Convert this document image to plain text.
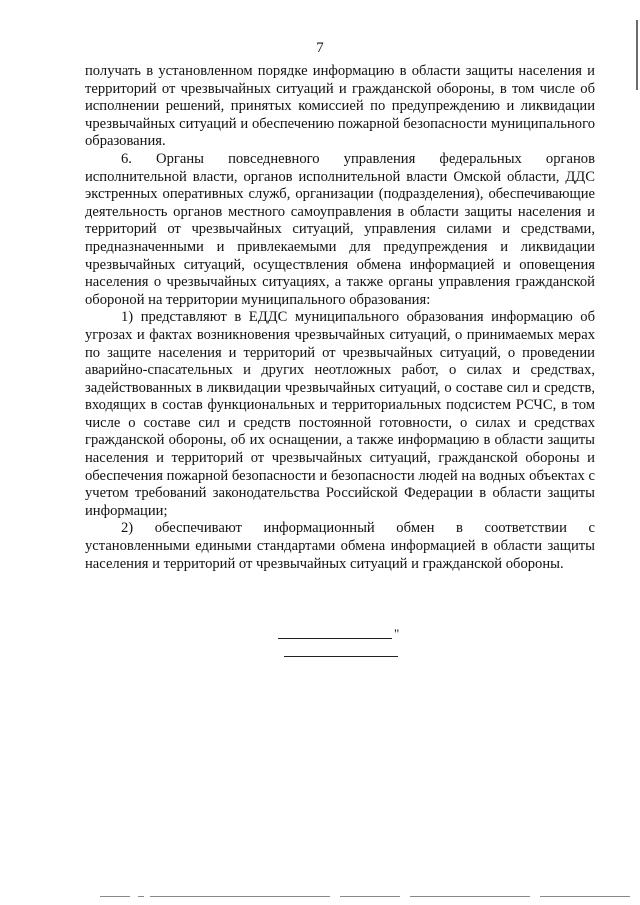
7

получать в установленном порядке информацию в области защиты населения и территорий от чрезвычайных ситуаций и гражданской обороны, в том числе об исполнении решений, принятых комиссией по предупреждению и ликвидации чрезвычайных ситуаций и обеспечению пожарной безопасности муниципального образования.

6. Органы повседневного управления федеральных органов исполнительной власти, органов исполнительной власти Омской области, ДДС экстренных оперативных служб, организации (подразделения), обеспечивающие деятельность органов местного самоуправления в области защиты населения и территорий от чрезвычайных ситуаций, управления силами и средствами, предназначенными и привлекаемыми для предупреждения и ликвидации чрезвычайных ситуаций, осуществления обмена информацией и оповещения населения о чрезвычайных ситуациях, а также органы управления гражданской обороной на территории муниципального образования:

1) представляют в ЕДДС муниципального образования информацию об угрозах и фактах возникновения чрезвычайных ситуаций, о принимаемых мерах по защите населения и территорий от чрезвычайных ситуаций, о проведении аварийно-спасательных и других неотложных работ, о силах и средствах, задействованных в ликвидации чрезвычайных ситуаций, о составе сил и средств, входящих в состав функциональных и территориальных подсистем РСЧС, в том числе о составе сил и средств постоянной готовности, о силах и средствах гражданской обороны, об их оснащении, а также информацию в области защиты населения и территорий от чрезвычайных ситуаций, гражданской обороны и обеспечения пожарной безопасности и безопасности людей на водных объектах с учетом требований законодательства Российской Федерации в области защиты информации;

2) обеспечивают информационный обмен в соответствии с установленными едиными стандартами обмена информацией в области защиты населения и территорий от чрезвычайных ситуаций и гражданской обороны.

"
